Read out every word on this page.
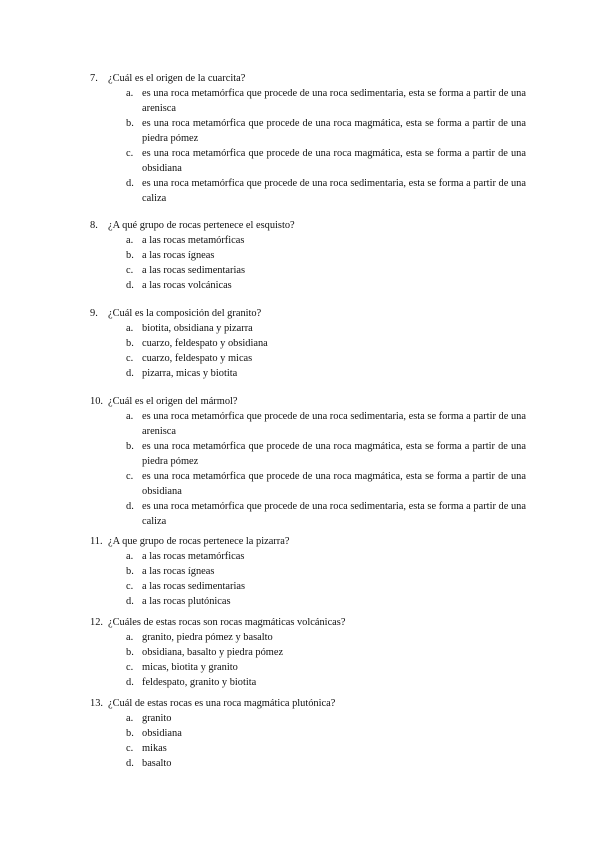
7. ¿Cuál es el origen de la cuarcita?
a. es una roca metamórfica que procede de una roca sedimentaria, esta se forma a partir de una arenisca
b. es una roca metamórfica que procede de una roca magmática, esta se forma a partir de una piedra pómez
c. es una roca metamórfica que procede de una roca magmática, esta se forma a partir de una obsidiana
d. es una roca metamórfica que procede de una roca sedimentaria, esta se forma a partir de una caliza
8. ¿A qué grupo de rocas pertenece el esquisto?
a. a las rocas metamórficas
b. a las rocas ígneas
c. a las rocas sedimentarias
d. a las rocas volcánicas
9. ¿Cuál es la composición del granito?
a. biotita, obsidiana y pizarra
b. cuarzo, feldespato y obsidiana
c. cuarzo, feldespato y micas
d. pizarra, micas y biotita
10. ¿Cuál es el origen del mármol?
a. es una roca metamórfica que procede de una roca sedimentaria, esta se forma a partir de una arenisca
b. es una roca metamórfica que procede de una roca magmática, esta se forma a partir de una piedra pómez
c. es una roca metamórfica que procede de una roca magmática, esta se forma a partir de una obsidiana
d. es una roca metamórfica que procede de una roca sedimentaria, esta se forma a partir de una caliza
11. ¿A que grupo de rocas pertenece la pizarra?
a. a las rocas metamórficas
b. a las rocas ígneas
c. a las rocas sedimentarias
d. a las rocas plutónicas
12. ¿Cuáles de estas rocas son rocas magmáticas volcánicas?
a. granito, piedra pómez y basalto
b. obsidiana, basalto y piedra pómez
c. micas, biotita y granito
d. feldespato, granito y biotita
13. ¿Cuál de estas rocas es una roca magmática plutónica?
a. granito
b. obsidiana
c. mikas
d. basalto
